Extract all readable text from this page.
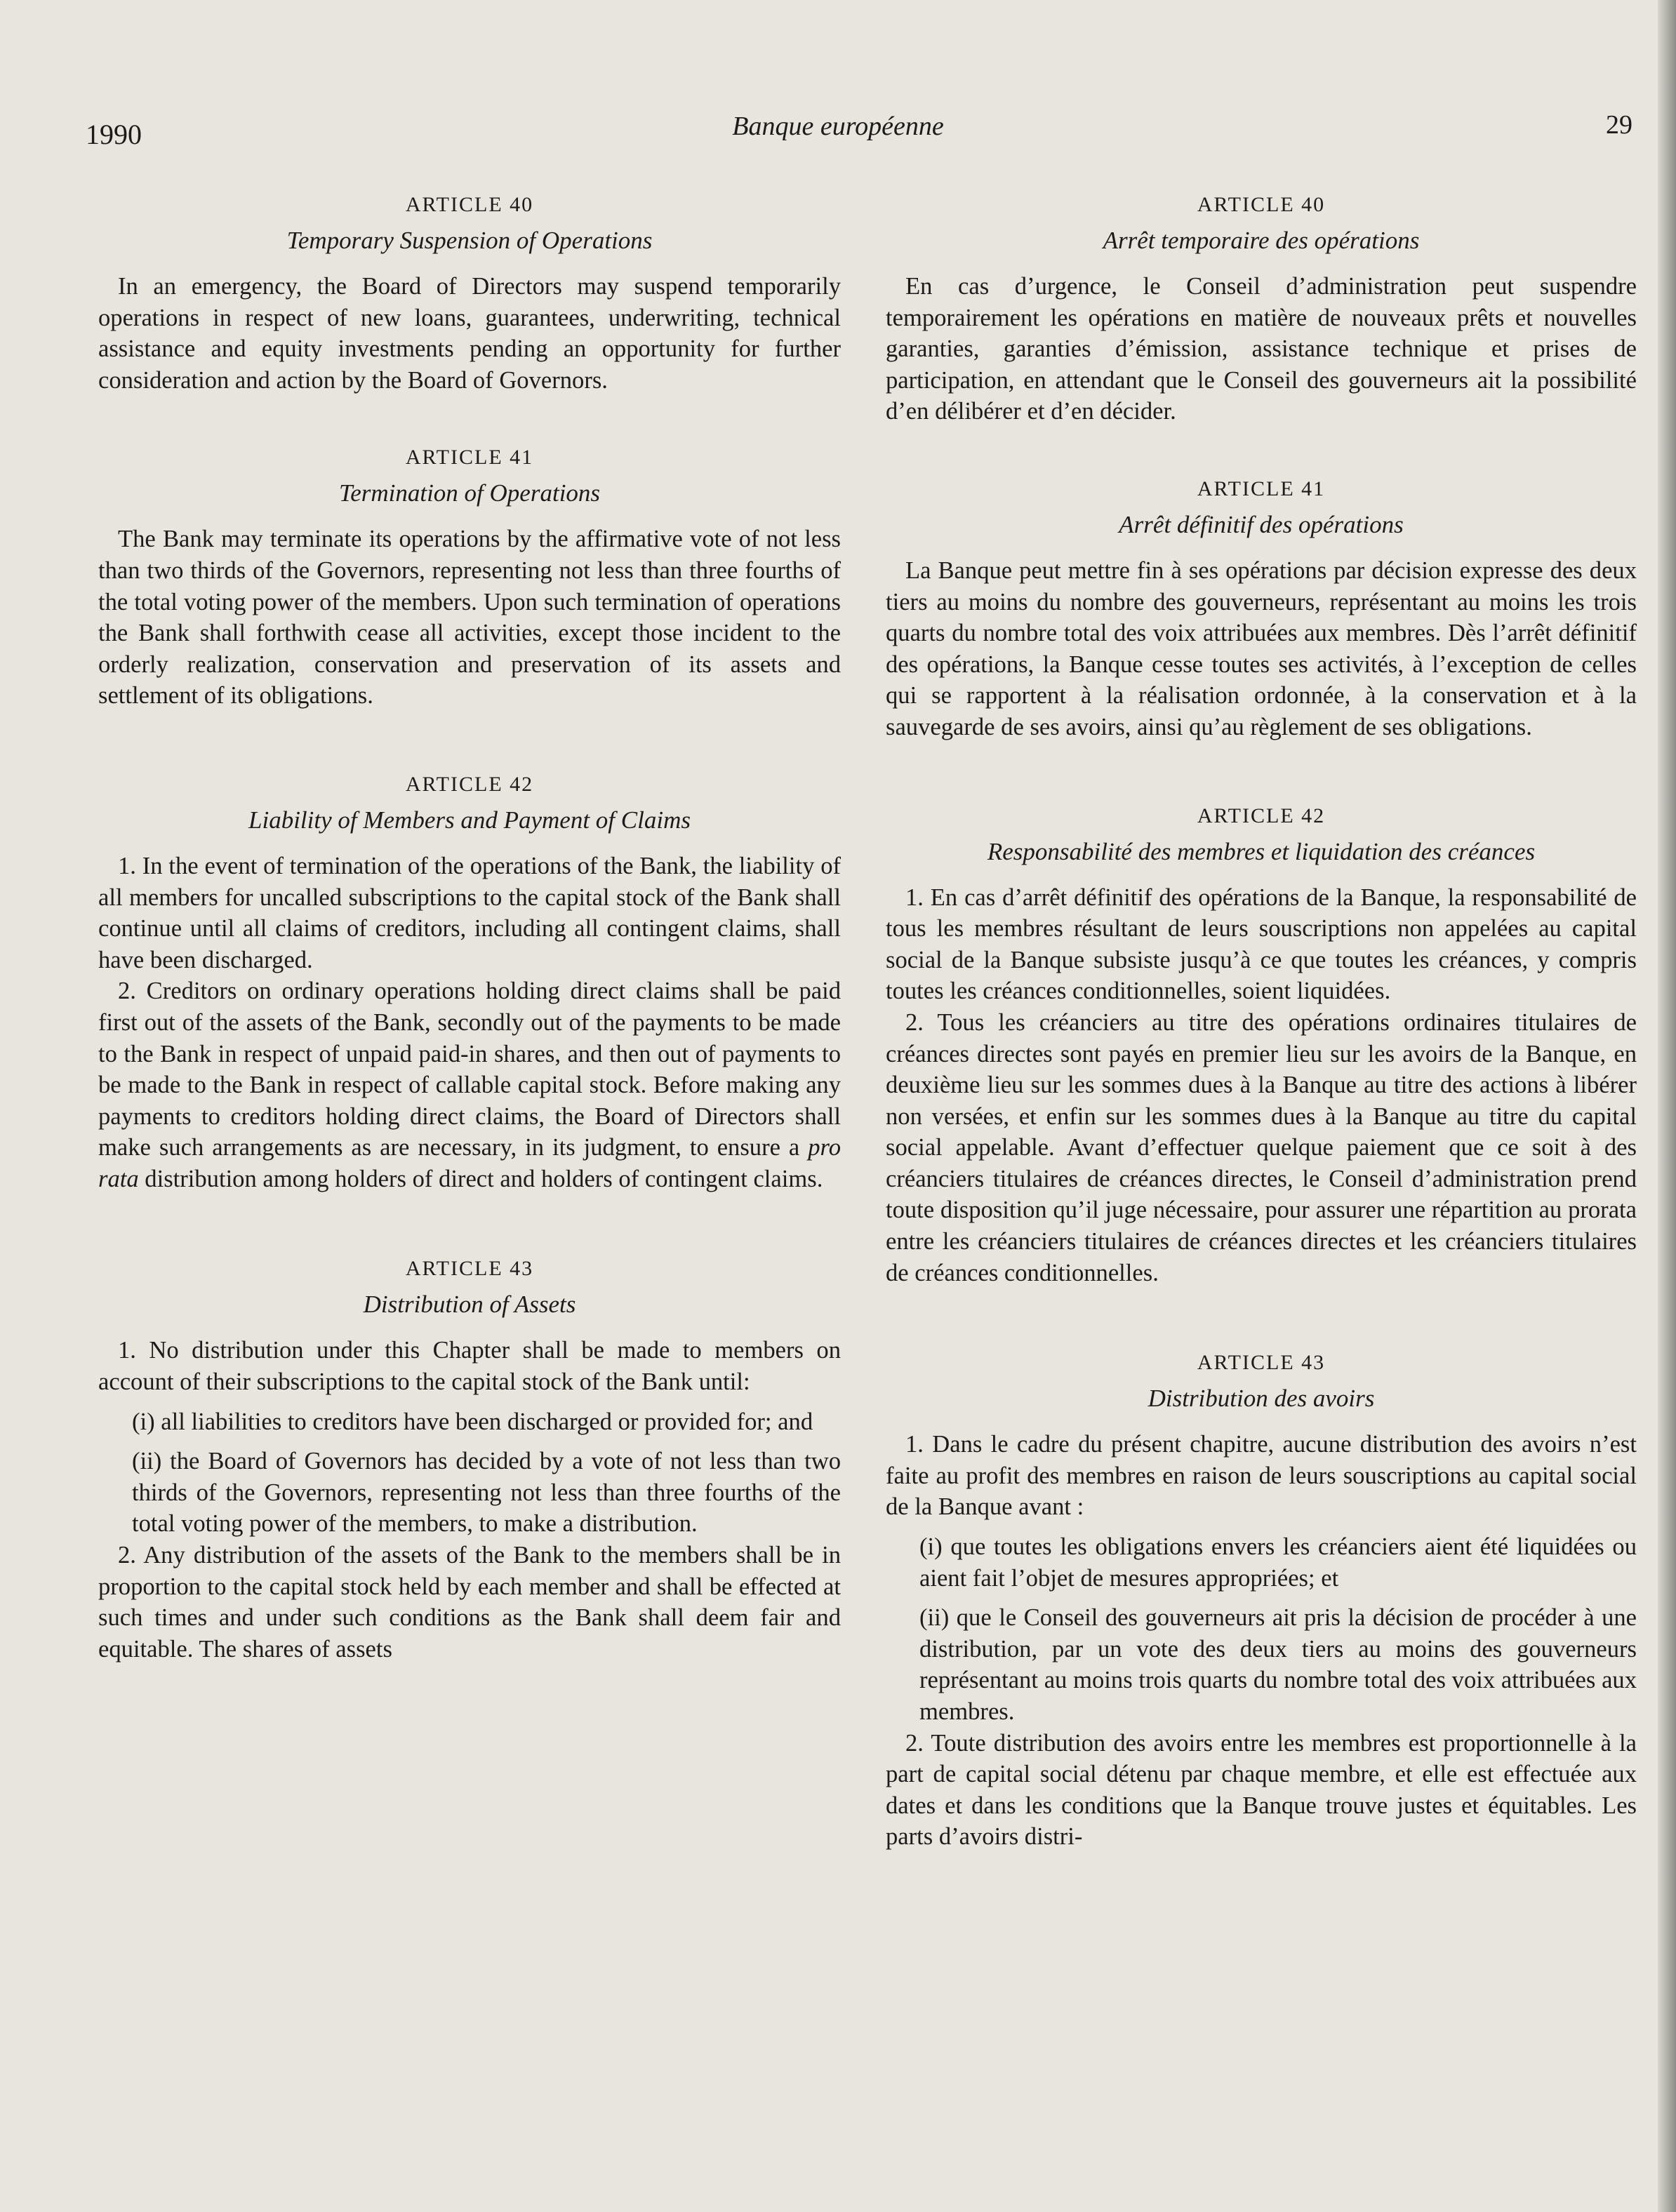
1990	Banque européenne	29
ARTICLE 40
Temporary Suspension of Operations

In an emergency, the Board of Directors may suspend temporarily operations in respect of new loans, guarantees, underwriting, technical assistance and equity investments pending an opportunity for further consideration and action by the Board of Governors.

ARTICLE 41
Termination of Operations

The Bank may terminate its operations by the affirmative vote of not less than two thirds of the Governors, representing not less than three fourths of the total voting power of the members. Upon such termination of operations the Bank shall forthwith cease all activities, except those incident to the orderly realization, conservation and preservation of its assets and settlement of its obligations.

ARTICLE 42
Liability of Members and Payment of Claims

1. In the event of termination of the operations of the Bank, the liability of all members for uncalled subscriptions to the capital stock of the Bank shall continue until all claims of creditors, including all contingent claims, shall have been discharged.

2. Creditors on ordinary operations holding direct claims shall be paid first out of the assets of the Bank, secondly out of the payments to be made to the Bank in respect of unpaid paid-in shares, and then out of payments to be made to the Bank in respect of callable capital stock. Before making any payments to creditors holding direct claims, the Board of Directors shall make such arrangements as are necessary, in its judgment, to ensure a pro rata distribution among holders of direct and holders of contingent claims.

ARTICLE 43
Distribution of Assets

1. No distribution under this Chapter shall be made to members on account of their subscriptions to the capital stock of the Bank until:

(i) all liabilities to creditors have been discharged or provided for; and

(ii) the Board of Governors has decided by a vote of not less than two thirds of the Governors, representing not less than three fourths of the total voting power of the members, to make a distribution.

2. Any distribution of the assets of the Bank to the members shall be in proportion to the capital stock held by each member and shall be effected at such times and under such conditions as the Bank shall deem fair and equitable. The shares of assets

ARTICLE 40
Arrêt temporaire des opérations

En cas d’urgence, le Conseil d’administration peut suspendre temporairement les opérations en matière de nouveaux prêts et nouvelles garanties, garanties d’émission, assistance technique et prises de participation, en attendant que le Conseil des gouverneurs ait la possibilité d’en délibérer et d’en décider.

ARTICLE 41
Arrêt définitif des opérations

La Banque peut mettre fin à ses opérations par décision expresse des deux tiers au moins du nombre des gouverneurs, représentant au moins les trois quarts du nombre total des voix attribuées aux membres. Dès l’arrêt définitif des opérations, la Banque cesse toutes ses activités, à l’exception de celles qui se rapportent à la réalisation ordonnée, à la conservation et à la sauvegarde de ses avoirs, ainsi qu’au règlement de ses obligations.

ARTICLE 42
Responsabilité des membres et liquidation des créances

1. En cas d’arrêt définitif des opérations de la Banque, la responsabilité de tous les membres résultant de leurs souscriptions non appelées au capital social de la Banque subsiste jusqu’à ce que toutes les créances, y compris toutes les créances conditionnelles, soient liquidées.

2. Tous les créanciers au titre des opérations ordinaires titulaires de créances directes sont payés en premier lieu sur les avoirs de la Banque, en deuxième lieu sur les sommes dues à la Banque au titre des actions à libérer non versées, et enfin sur les sommes dues à la Banque au titre du capital social appelable. Avant d’effectuer quelque paiement que ce soit à des créanciers titulaires de créances directes, le Conseil d’administration prend toute disposition qu’il juge nécessaire, pour assurer une répartition au prorata entre les créanciers titulaires de créances directes et les créanciers titulaires de créances conditionnelles.

ARTICLE 43
Distribution des avoirs

1. Dans le cadre du présent chapitre, aucune distribution des avoirs n’est faite au profit des membres en raison de leurs souscriptions au capital social de la Banque avant :

(i) que toutes les obligations envers les créanciers aient été liquidées ou aient fait l’objet de mesures appropriées; et

(ii) que le Conseil des gouverneurs ait pris la décision de procéder à une distribution, par un vote des deux tiers au moins des gouverneurs représentant au moins trois quarts du nombre total des voix attribuées aux membres.

2. Toute distribution des avoirs entre les membres est proportionnelle à la part de capital social détenu par chaque membre, et elle est effectuée aux dates et dans les conditions que la Banque trouve justes et équitables. Les parts d’avoirs distri-
